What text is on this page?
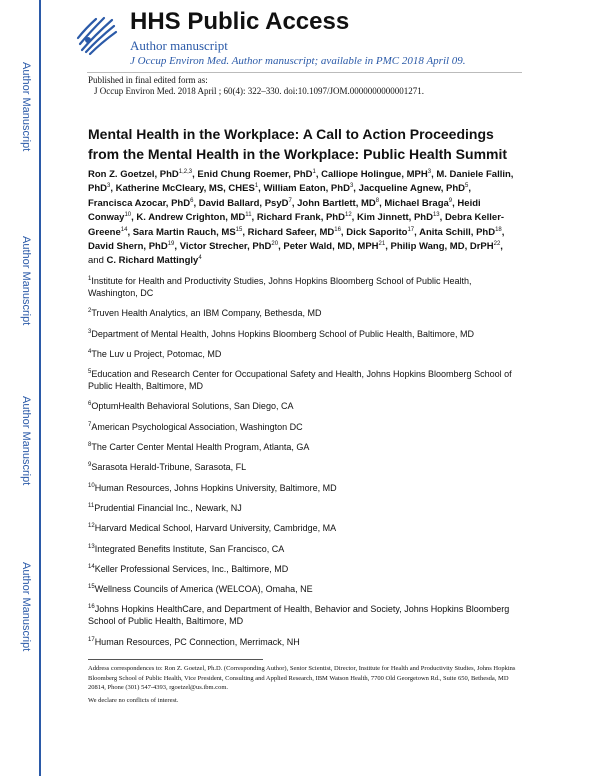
Author Manuscript
Author Manuscript
Author Manuscript
Author Manuscript
HHS Public Access
Author manuscript
J Occup Environ Med. Author manuscript; available in PMC 2018 April 09.
Published in final edited form as:
J Occup Environ Med. 2018 April ; 60(4): 322–330. doi:10.1097/JOM.0000000000001271.
Mental Health in the Workplace: A Call to Action Proceedings from the Mental Health in the Workplace: Public Health Summit
Ron Z. Goetzel, PhD$^{1,2,3}$, Enid Chung Roemer, PhD$^1$, Calliope Holingue, MPH$^3$, M. Daniele Fallin, PhD$^3$, Katherine McCleary, MS, CHES$^1$, William Eaton, PhD$^3$, Jacqueline Agnew, PhD$^5$, Francisca Azocar, PhD$^6$, David Ballard, PsyD$^7$, John Bartlett, $MD^8$, Michael Braga$^9$, Heidi Conway$^{10}$, K. Andrew Crighton, MD$^{11}$, Richard Frank, PhD$^{12}$, Kim Jinnett, PhD$^{13}$, Debra Keller-Greene$^{14}$, Sara Martin Rauch, MS$^{15}$, Richard Safeer, MD$^{16}$, Dick Saporito$^{17}$, Anita Schill, PhD$^{18}$, David Shern, PhD$^{19}$, Victor Strecher, PhD$^{20}$, Peter Wald, MD, MPH$^{21}$, Philip Wang, MD, DrPH$^{22}$, and C. Richard Mattingly$^4$
$^1$Institute for Health and Productivity Studies, Johns Hopkins Bloomberg School of Public Health, Washington, DC
$^2$Truven Health Analytics, an IBM Company, Bethesda, MD
$^3$Department of Mental Health, Johns Hopkins Bloomberg School of Public Health, Baltimore, MD
$^4$The Luv u Project, Potomac, MD
$^5$Education and Research Center for Occupational Safety and Health, Johns Hopkins Bloomberg School of Public Health, Baltimore, MD
$^6$OptumHealth Behavioral Solutions, San Diego, CA
$^7$American Psychological Association, Washington DC
$^8$The Carter Center Mental Health Program, Atlanta, GA
$^9$Sarasota Herald-Tribune, Sarasota, FL
$^{10}$Human Resources, Johns Hopkins University, Baltimore, MD
$^{11}$Prudential Financial Inc., Newark, NJ
$^{12}$Harvard Medical School, Harvard University, Cambridge, MA
$^{13}$Integrated Benefits Institute, San Francisco, CA
$^{14}$Keller Professional Services, Inc., Baltimore, MD
$^{15}$Wellness Councils of America (WELCOA), Omaha, NE
$^{16}$Johns Hopkins HealthCare, and Department of Health, Behavior and Society, Johns Hopkins Bloomberg School of Public Health, Baltimore, MD
$^{17}$Human Resources, PC Connection, Merrimack, NH
Address correspondences to: Ron Z. Goetzel, Ph.D. (Corresponding Author), Senior Scientist, Director, Institute for Health and Productivity Studies, Johns Hopkins Bloomberg School of Public Health, Vice President, Consulting and Applied Research, IBM Watson Health, 7700 Old Georgetown Rd., Suite 650, Bethesda, MD 20814, Phone (301) 547-4393, rgoetzel@us.ibm.com.
We declare no conflicts of interest.
